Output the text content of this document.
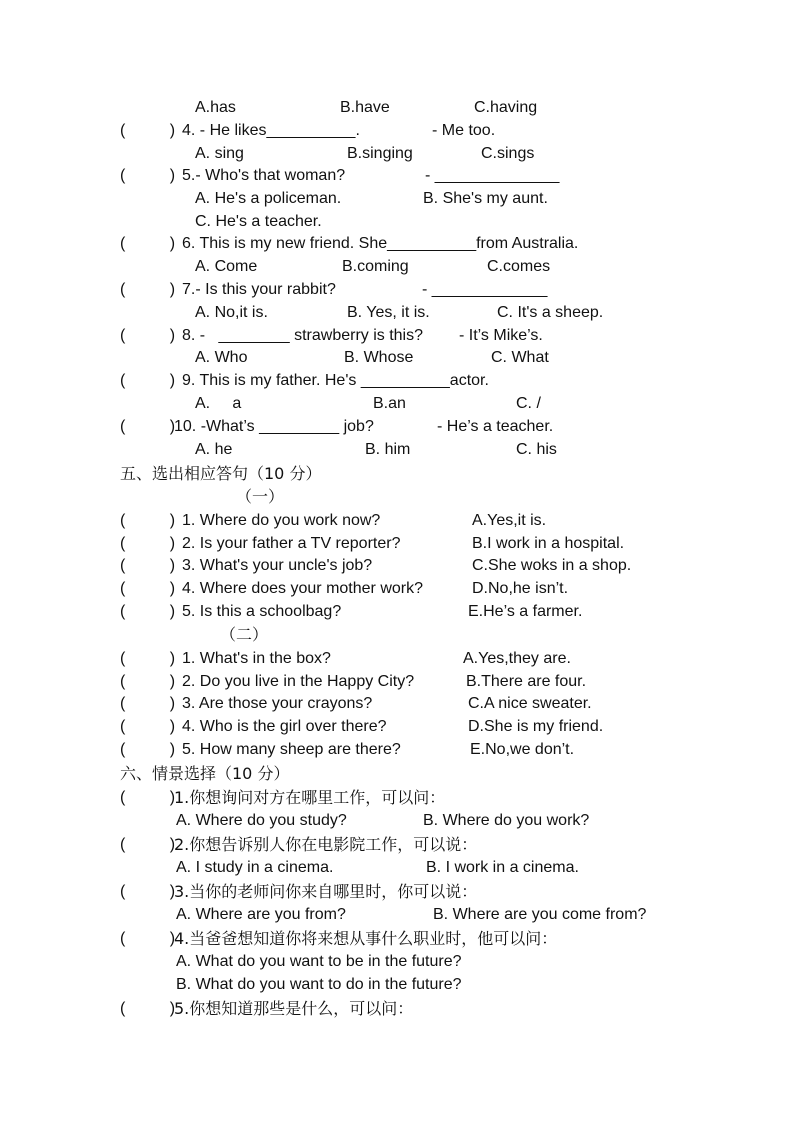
A.has	B.have	C.having
(          ) 4. - He likes__________.	- Me too.
A. sing	B.singing	C.sings
(          ) 5.- Who's that woman?	- ______________
A. He's a policeman.	B. She's my aunt.
C. He's a teacher.
(          ) 6. This is my new friend. She__________from Australia.
A. Come	B.coming	C.comes
(          ) 7.- Is this your rabbit?	- _____________
A. No,it is.	B. Yes, it is.	C. It's a sheep.
(          ) 8. -   ________ strawberry is this? - It’s Mike’s.
A. Who	B. Whose	C. What
(          ) 9. This is my father. He's __________actor.
A.     a	B.an	C. /
(          )
10. -What’s _________ job?	- He’s a teacher.
A. he	B. him	C. his
五、选出相应答句（10 分）
（一）
(          ) 1. Where do you work now?	A.Yes,it is.
(          ) 2. Is your father a TV reporter?	B.I work in a hospital.
(          ) 3. What's your uncle's job?	C.She woks in a shop.
(          ) 4. Where does your mother work?	D.No,he isn’t.
(          ) 5. Is this a schoolbag?	E.He’s a farmer.
（二）
(          ) 1. What's in the box?	A.Yes,they are.
(          ) 2. Do you live in the Happy City?	B.There are four.
(          ) 3. Are those your crayons?	C.A nice sweater.
(          ) 4. Who is the girl over there?	D.She is my friend.
(          ) 5. How many sheep are there?	E.No,we don’t.
六、情景选择（10 分）
(          )
1.你想询问对方在哪里工作，可以问：
A. Where do you study?	B. Where do you work?
(          )
2.你想告诉别人你在电影院工作，可以说：
A. I study in a cinema.	B. I work in a cinema.
(          )
3.当你的老师问你来自哪里时，你可以说：
A. Where are you from?	B. Where are you come from?
(          )
4.当爸爸想知道你将来想从事什么职业时，他可以问：
A. What do you want to be in the future?
B. What do you want to do in the future?
(          )
5.你想知道那些是什么，可以问：
